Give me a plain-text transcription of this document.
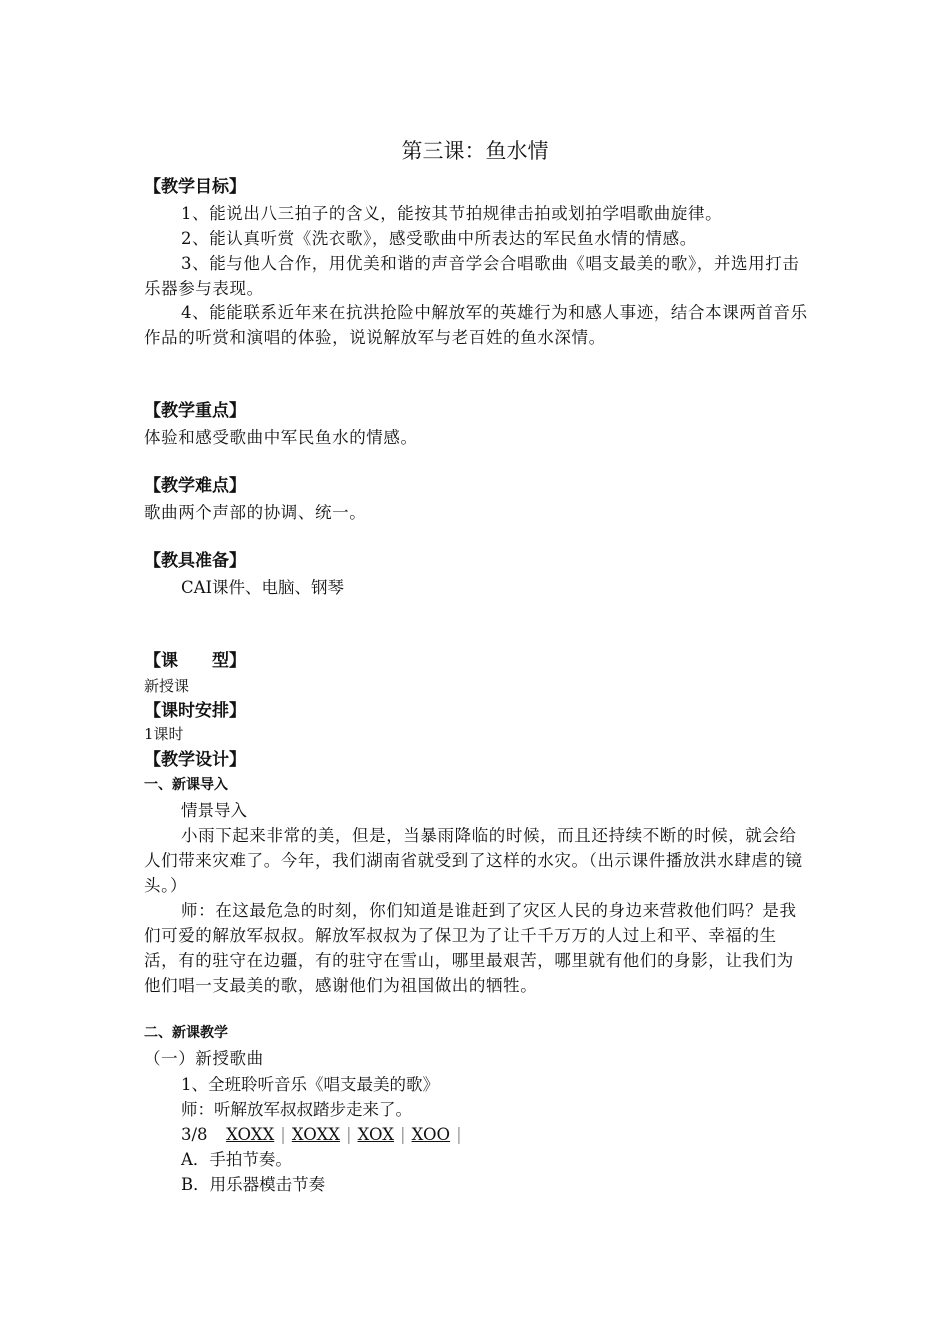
第三课：鱼水情
【教学目标】
1、能说出八三拍子的含义，能按其节拍规律击拍或划拍学唱歌曲旋律。
2、能认真听赏《洗衣歌》，感受歌曲中所表达的军民鱼水情的情感。
3、能与他人合作，用优美和谐的声音学会合唱歌曲《唱支最美的歌》，并选用打击乐器参与表现。
4、能能联系近年来在抗洪抢险中解放军的英雄行为和感人事迹，结合本课两首音乐作品的听赏和演唱的体验，说说解放军与老百姓的鱼水深情。
【教学重点】
体验和感受歌曲中军民鱼水的情感。
【教学难点】
歌曲两个声部的协调、统一。
【教具准备】
CAI课件、电脑、钢琴
【课　　型】
新授课
【课时安排】
1课时
【教学设计】
一、新课导入
情景导入
小雨下起来非常的美，但是，当暴雨降临的时候，而且还持续不断的时候，就会给人们带来灾难了。今年，我们湖南省就受到了这样的水灾。（出示课件播放洪水肆虐的镜头。）
师：在这最危急的时刻，你们知道是谁赶到了灾区人民的身边来营救他们吗？是我们可爱的解放军叔叔。解放军叔叔为了保卫为了让千千万万的人过上和平、幸福的生活，有的驻守在边疆，有的驻守在雪山，哪里最艰苦，哪里就有他们的身影，让我们为他们唱一支最美的歌，感谢他们为祖国做出的牺牲。
二、新课教学
（一）新授歌曲
1、全班聆听音乐《唱支最美的歌》
师：听解放军叔叔踏步走来了。
3/8 XOXX | XOXX | XOX | XOO |
A．手拍节奏。
B．用乐器模击节奏
